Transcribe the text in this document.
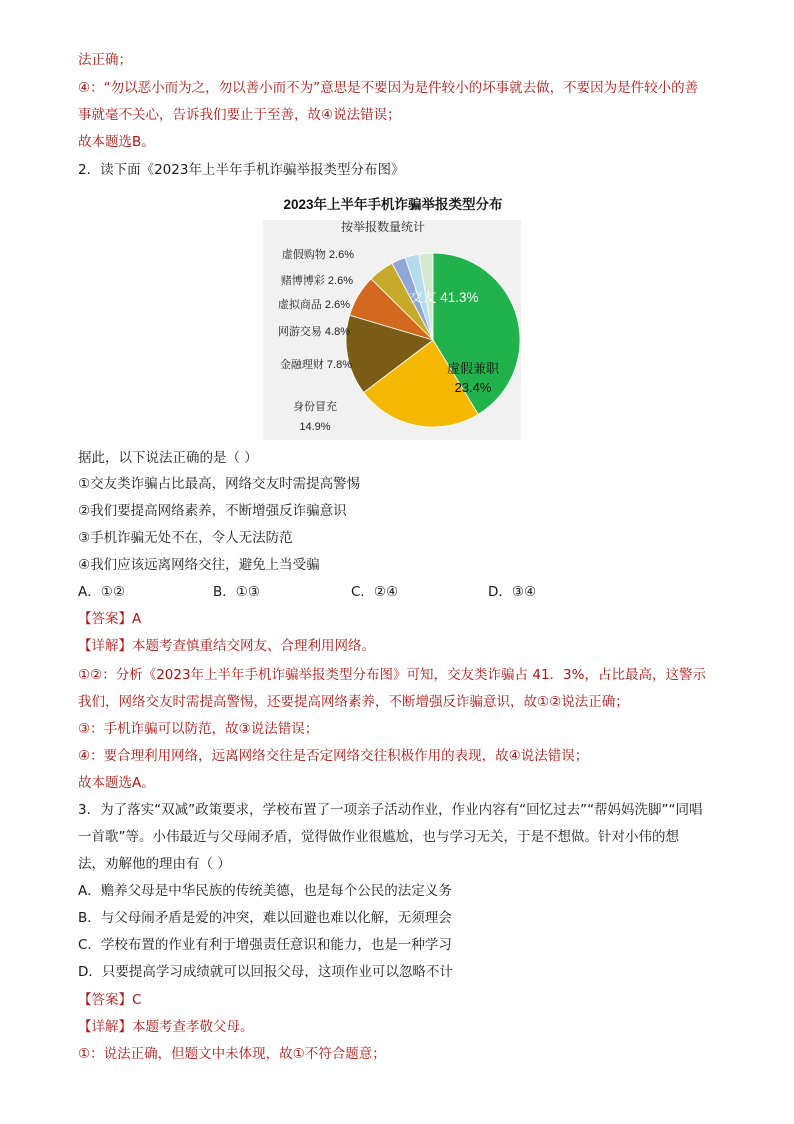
法正确；
④：“勿以恶小而为之，勿以善小而不为”意思是不要因为是件较小的坏事就去做，不要因为是件较小的善
事就毫不关心，告诉我们要止于至善，故④说法错误；
故本题选B。
2．读下面《2023年上半年手机诈骗举报类型分布图》
2023年上半年手机诈骗举报类型分布
按举报数量统计
交友 41.3%
虚假兼职
23.4%
身份冒充
14.9%
金融理财 7.8%
网游交易 4.8%
虚拟商品 2.6%
赌博博彩 2.6%
虚假购物 2.6%
据此，以下说法正确的是（ ）
①交友类诈骗占比最高，网络交友时需提高警惕
②我们要提高网络素养，不断增强反诈骗意识
③手机诈骗无处不在，令人无法防范
④我们应该远离网络交往，避免上当受骗
A．①②	B．①③	C．②④	D．③④
【答案】A
【详解】本题考查慎重结交网友、合理利用网络。
①②：分析《2023年上半年手机诈骗举报类型分布图》可知，交友类诈骗占 41．3%，占比最高，这警示
我们，网络交友时需提高警惕，还要提高网络素养，不断增强反诈骗意识，故①②说法正确；
③：手机诈骗可以防范，故③说法错误；
④：要合理利用网络，远离网络交往是否定网络交往积极作用的表现，故④说法错误；
故本题选A。
3．为了落实“双减”政策要求，学校布置了一项亲子活动作业，作业内容有“回忆过去”“帮妈妈洗脚”“同唱
一首歌”等。小伟最近与父母闹矛盾，觉得做作业很尴尬，也与学习无关，于是不想做。针对小伟的想
法，劝解他的理由有（ ）
A．赡养父母是中华民族的传统美德，也是每个公民的法定义务
B．与父母闹矛盾是爱的冲突，难以回避也难以化解，无须理会
C．学校布置的作业有利于增强责任意识和能力，也是一种学习
D．只要提高学习成绩就可以回报父母，这项作业可以忽略不计
【答案】C
【详解】本题考查孝敬父母。
①：说法正确，但题文中未体现，故①不符合题意；
